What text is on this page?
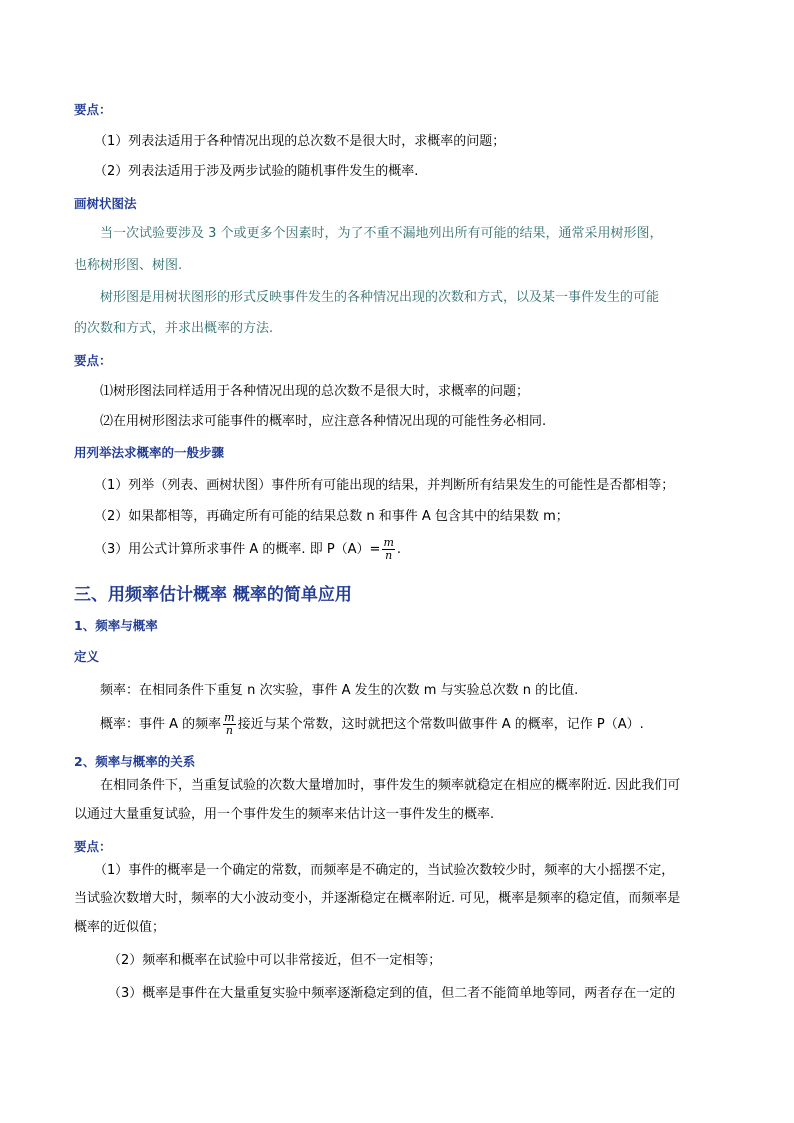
要点：
（1）列表法适用于各种情况出现的总次数不是很大时，求概率的问题；
（2）列表法适用于涉及两步试验的随机事件发生的概率.
画树状图法
当一次试验要涉及 3 个或更多个因素时，为了不重不漏地列出所有可能的结果，通常采用树形图，
也称树形图、树图.
树形图是用树状图形的形式反映事件发生的各种情况出现的次数和方式，以及某一事件发生的可能
的次数和方式，并求出概率的方法.
要点：
⑴树形图法同样适用于各种情况出现的总次数不是很大时，求概率的问题；
⑵在用树形图法求可能事件的概率时，应注意各种情况出现的可能性务必相同.
用列举法求概率的一般步骤
（1）列举（列表、画树状图）事件所有可能出现的结果，并判断所有结果发生的可能性是否都相等；
（2）如果都相等，再确定所有可能的结果总数 n 和事件 A 包含其中的结果数 m；
（3）用公式计算所求事件 A 的概率. 即 $P(A)= \frac{m}{n}$ .
三、用频率估计概率 概率的简单应用
1、频率与概率
定义
频率：在相同条件下重复 n 次实验，事件 A 发生的次数 m 与实验总次数 n 的比值.
概率：事件 A 的频率 $\frac{m}{n}$ 接近与某个常数，这时就把这个常数叫做事件 A 的概率，记作 P（A）.
2、频率与概率的关系
在相同条件下，当重复试验的次数大量增加时，事件发生的频率就稳定在相应的概率附近. 因此我们可
以通过大量重复试验，用一个事件发生的频率来估计这一事件发生的概率.
要点：
（1）事件的概率是一个确定的常数，而频率是不确定的，当试验次数较少时，频率的大小摇摆不定，
当试验次数增大时，频率的大小波动变小，并逐渐稳定在概率附近. 可见，概率是频率的稳定值，而频率是
概率的近似值；
（2）频率和概率在试验中可以非常接近，但不一定相等；
（3）概率是事件在大量重复实验中频率逐渐稳定到的值，但二者不能简单地等同，两者存在一定的
